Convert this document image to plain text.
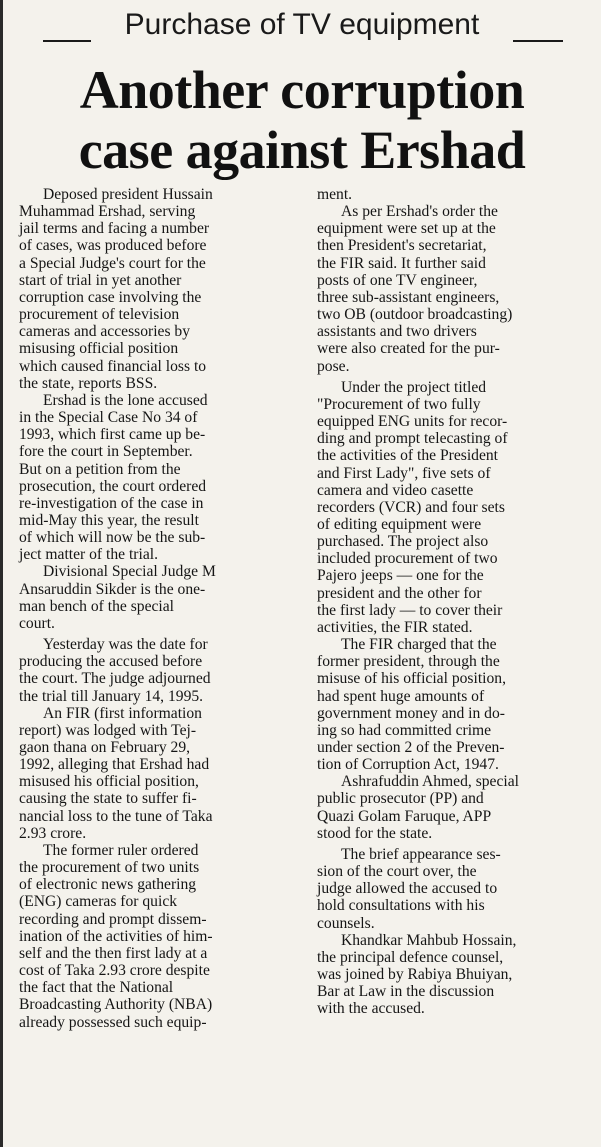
Purchase of TV equipment
Another corruption
case against Ershad
Deposed president Hussain
Muhammad Ershad, serving
jail terms and facing a number
of cases, was produced before
a Special Judge's court for the
start of trial in yet another
corruption case involving the
procurement of television
cameras and accessories by
misusing official position
which caused financial loss to
the state, reports BSS.
Ershad is the lone accused
in the Special Case No 34 of
1993, which first came up be-
fore the court in September.
But on a petition from the
prosecution, the court ordered
re-investigation of the case in
mid-May this year, the result
of which will now be the sub-
ject matter of the trial.
Divisional Special Judge M
Ansaruddin Sikder is the one-
man bench of the special
court.
Yesterday was the date for
producing the accused before
the court. The judge adjourned
the trial till January 14, 1995.
An FIR (first information
report) was lodged with Tej-
gaon thana on February 29,
1992, alleging that Ershad had
misused his official position,
causing the state to suffer fi-
nancial loss to the tune of Taka
2.93 crore.
The former ruler ordered
the procurement of two units
of electronic news gathering
(ENG) cameras for quick
recording and prompt dissem-
ination of the activities of him-
self and the then first lady at a
cost of Taka 2.93 crore despite
the fact that the National
Broadcasting Authority (NBA)
already possessed such equip-
ment.
As per Ershad's order the
equipment were set up at the
then President's secretariat,
the FIR said. It further said
posts of one TV engineer,
three sub-assistant engineers,
two OB (outdoor broadcasting)
assistants and two drivers
were also created for the pur-
pose.
Under the project titled
"Procurement of two fully
equipped ENG units for recor-
ding and prompt telecasting of
the activities of the President
and First Lady", five sets of
camera and video casette
recorders (VCR) and four sets
of editing equipment were
purchased. The project also
included procurement of two
Pajero jeeps — one for the
president and the other for
the first lady — to cover their
activities, the FIR stated.
The FIR charged that the
former president, through the
misuse of his official position,
had spent huge amounts of
government money and in do-
ing so had committed crime
under section 2 of the Preven-
tion of Corruption Act, 1947.
Ashrafuddin Ahmed, special
public prosecutor (PP) and
Quazi Golam Faruque, APP
stood for the state.
The brief appearance ses-
sion of the court over, the
judge allowed the accused to
hold consultations with his
counsels.
Khandkar Mahbub Hossain,
the principal defence counsel,
was joined by Rabiya Bhuiyan,
Bar at Law in the discussion
with the accused.
